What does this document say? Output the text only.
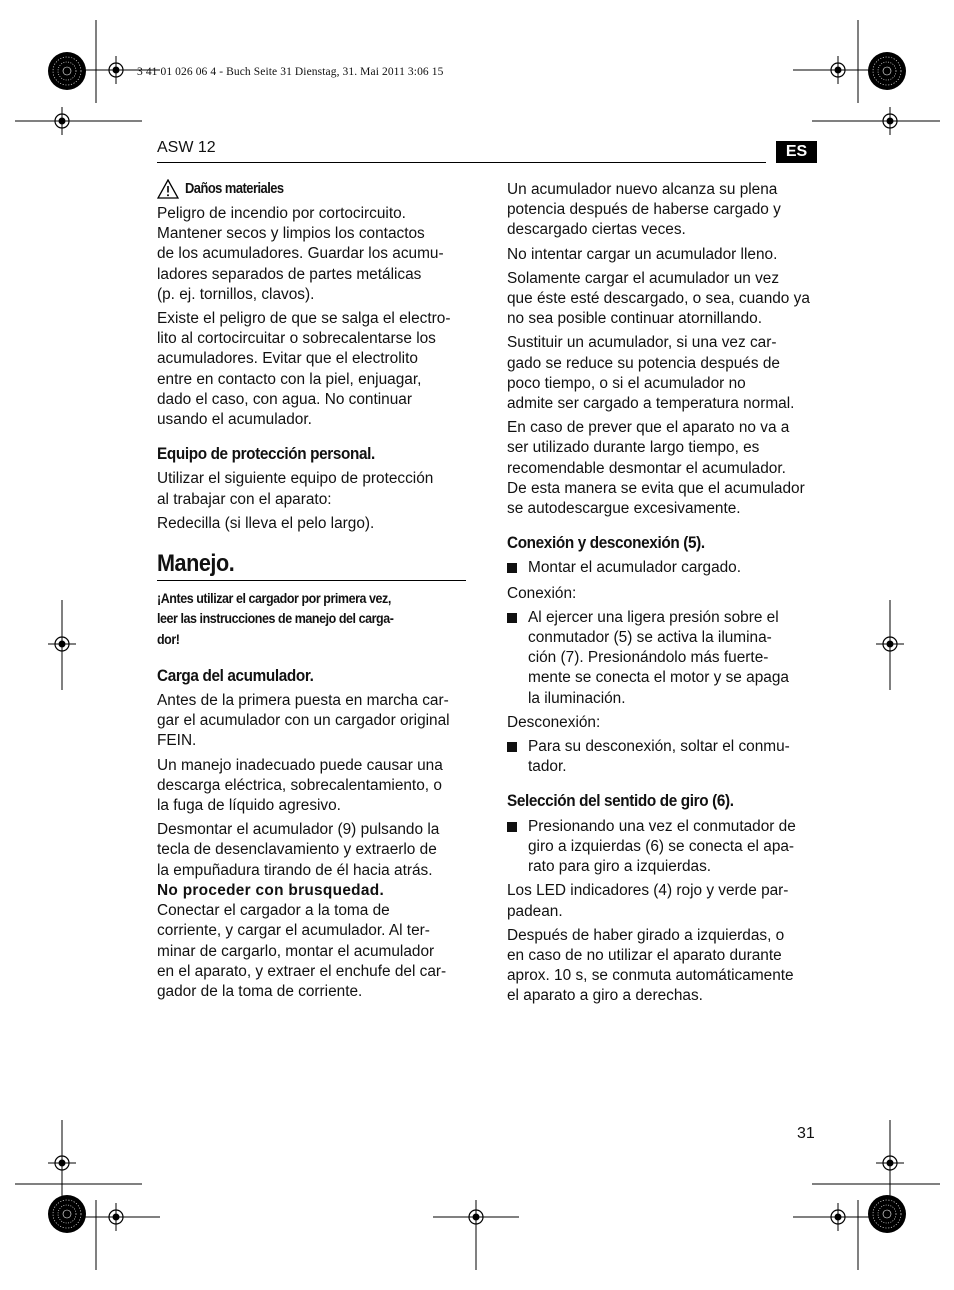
3 41 01 026 06 4 - Buch Seite 31 Dienstag, 31. Mai 2011 3:06 15
ASW 12	ES
Daños materiales
Peligro de incendio por cortocircuito.
Mantener secos y limpios los contactos
de los acumuladores. Guardar los acumu-
ladores separados de partes metálicas
(p. ej. tornillos, clavos).
Existe el peligro de que se salga el electro-
lito al cortocircuitar o sobrecalentarse los
acumuladores. Evitar que el electrolito
entre en contacto con la piel, enjuagar,
dado el caso, con agua. No continuar
usando el acumulador.
Equipo de protección personal.
Utilizar el siguiente equipo de protección
al trabajar con el aparato:
Redecilla (si lleva el pelo largo).
Manejo.
¡Antes utilizar el cargador por primera vez,
leer las instrucciones de manejo del carga-
dor!
Carga del acumulador.
Antes de la primera puesta en marcha car-
gar el acumulador con un cargador original
FEIN.
Un manejo inadecuado puede causar una
descarga eléctrica, sobrecalentamiento, o
la fuga de líquido agresivo.
Desmontar el acumulador (9) pulsando la
tecla de desenclavamiento y extraerlo de
la empuñadura tirando de él hacia atrás.
No proceder con brusquedad.
Conectar el cargador a la toma de
corriente, y cargar el acumulador. Al ter-
minar de cargarlo, montar el acumulador
en el aparato, y extraer el enchufe del car-
gador de la toma de corriente.
Un acumulador nuevo alcanza su plena
potencia después de haberse cargado y
descargado ciertas veces.
No intentar cargar un acumulador lleno.
Solamente cargar el acumulador un vez
que éste esté descargado, o sea, cuando ya
no sea posible continuar atornillando.
Sustituir un acumulador, si una vez car-
gado se reduce su potencia después de
poco tiempo, o si el acumulador no
admite ser cargado a temperatura normal.
En caso de prever que el aparato no va a
ser utilizado durante largo tiempo, es
recomendable desmontar el acumulador.
De esta manera se evita que el acumulador
se autodescargue excesivamente.
Conexión y desconexión (5).
Montar el acumulador cargado.
Conexión:
Al ejercer una ligera presión sobre el
conmutador (5) se activa la ilumina-
ción (7). Presionándolo más fuerte-
mente se conecta el motor y se apaga
la iluminación.
Desconexión:
Para su desconexión, soltar el conmu-
tador.
Selección del sentido de giro (6).
Presionando una vez el conmutador de
giro a izquierdas (6) se conecta el apa-
rato para giro a izquierdas.
Los LED indicadores (4) rojo y verde par-
padean.
Después de haber girado a izquierdas, o
en caso de no utilizar el aparato durante
aprox. 10 s, se conmuta automáticamente
el aparato a giro a derechas.
31
